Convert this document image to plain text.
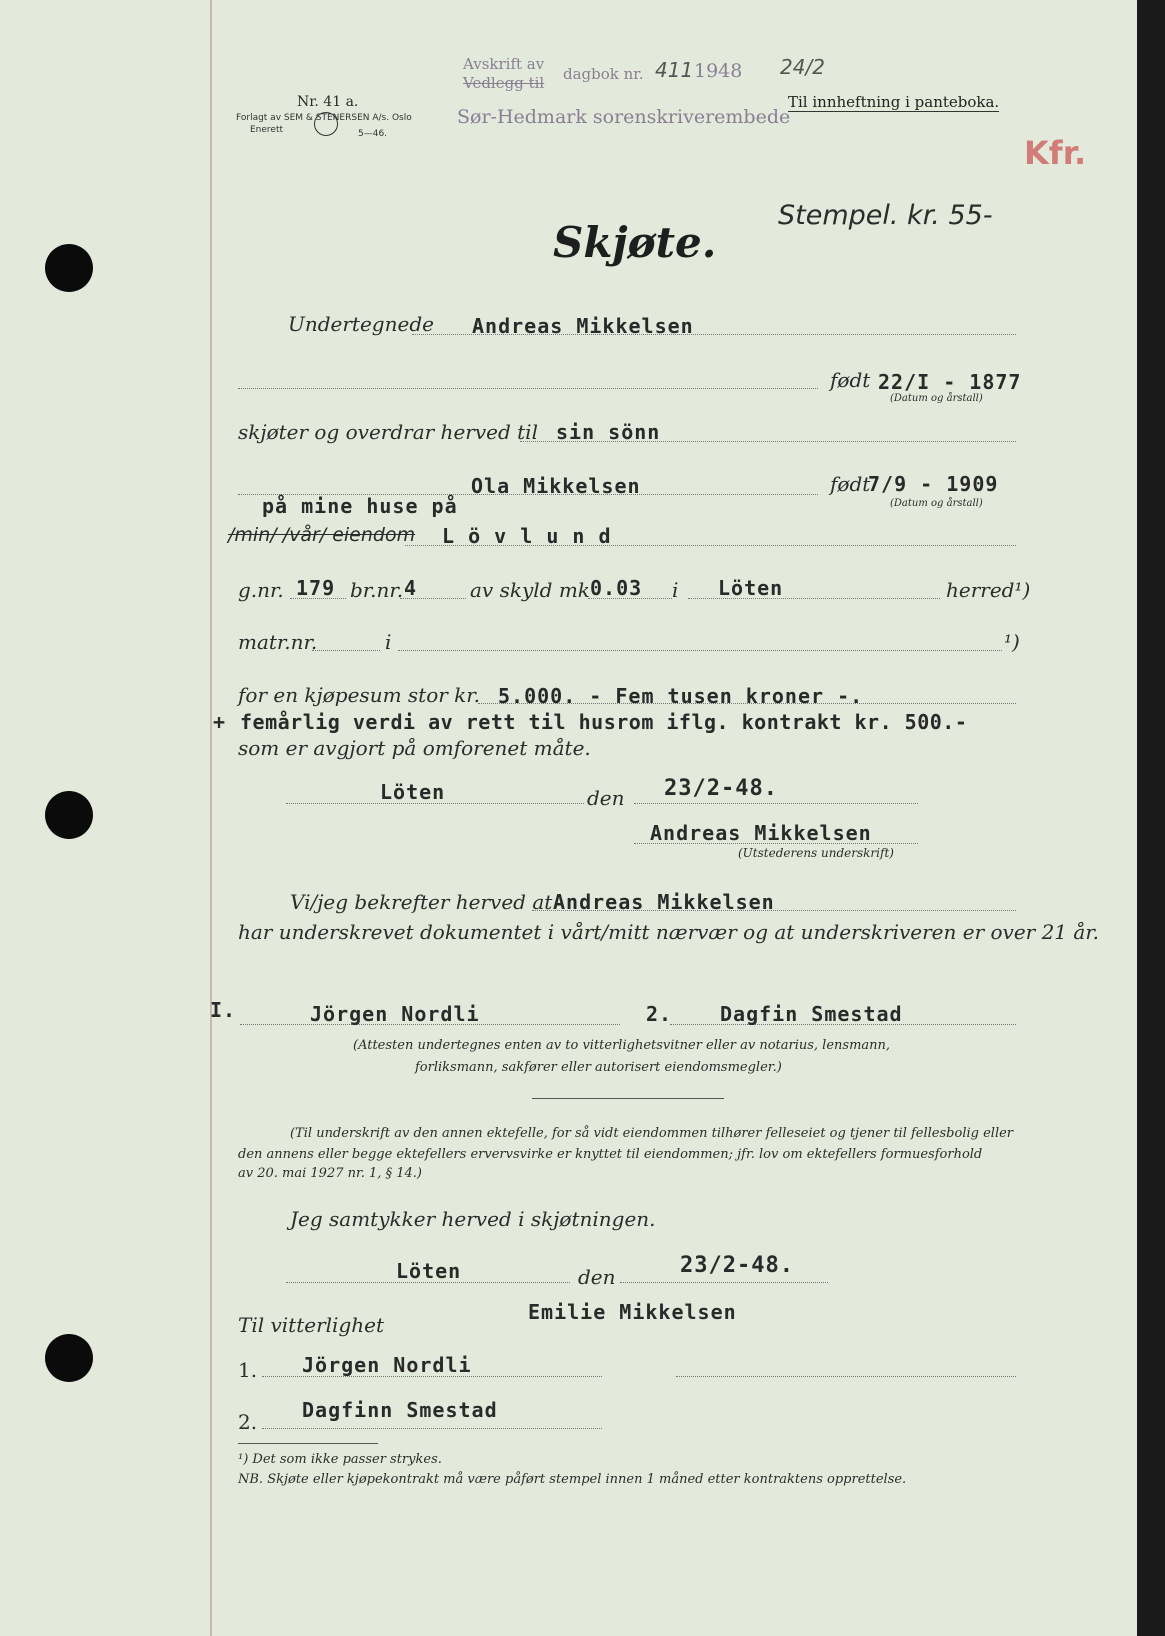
Nr. 41 a.
Forlagt av SEM & STENERSEN A/s. Oslo
Enerett	5—46.
Avskrift av
Vedlegg til dagbok nr. 411 1948 24/2
Sør-Hedmark sorenskriverembede
Til innheftning i panteboka.
Kfr.
Stempel. kr. 55-
Skjøte.
Undertegnede Andreas Mikkelsen
født 22/I - 1877
(Datum og årstall)
skjøter og overdrar herved til sin sönn
Ola Mikkelsen	født
7/9 - 1909
(Datum og årstall)
på mine huse på
/min/ /vår/ eiendom L ö v l u n d
g.nr. 179 br.nr. 4	av skyld mk 0.03 i Löten	herred¹)
matr.nr.	i	¹)
for en kjøpesum stor kr. 5.000. - Fem tusen kroner -.
+ femårlig verdi av rett til husrom iflg. kontrakt kr. 500.-
som er avgjort på omforenet måte.
Löten	den 23/2-48.
Andreas Mikkelsen
(Utstederens underskrift)
Vi/jeg bekrefter herved at Andreas Mikkelsen
har underskrevet dokumentet i vårt/mitt nærvær og at underskriveren er over 21 år.
I.	Jörgen Nordli	2. Dagfin Smestad
(Attesten undertegnes enten av to vitterlighetsvitner eller av notarius, lensmann,
forliksmann, sakfører eller autorisert eiendomsmegler.)
(Til underskrift av den annen ektefelle, for så vidt eiendommen tilhører felleseiet og tjener til fellesbolig eller
den annens eller begge ektefellers ervervsvirke er knyttet til eiendommen; jfr. lov om ektefellers formuesforhold
av 20. mai 1927 nr. 1, § 14.)
Jeg samtykker herved i skjøtningen.
Löten	den	23/2-48.
Emilie Mikkelsen
Til vitterlighet
1. Jörgen Nordli
2. Dagfinn Smestad
¹) Det som ikke passer strykes.
NB. Skjøte eller kjøpekontrakt må være påført stempel innen 1 måned etter kontraktens opprettelse.
